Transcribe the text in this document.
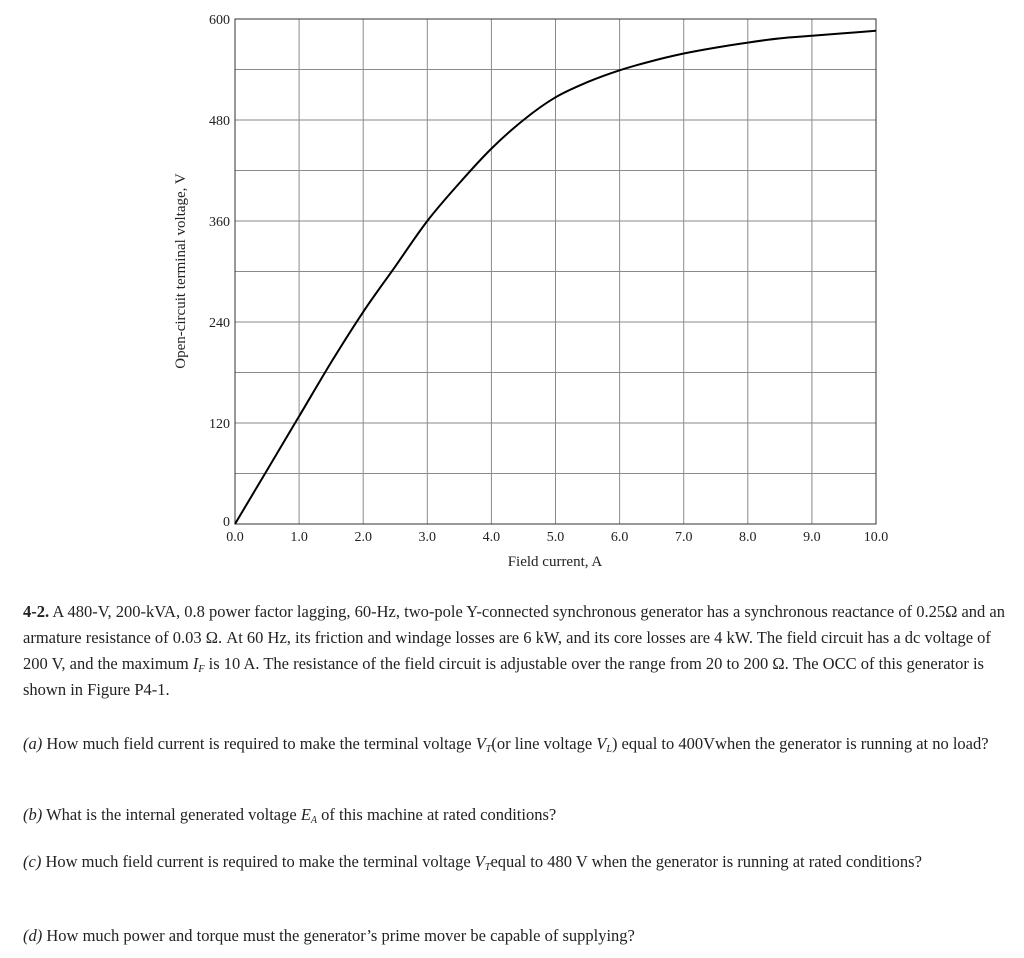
0.0	1.0	2.0	3.0	4.0	5.0	6.0	7.0	8.0	9.0	10.0
0
120
240
360
480
600
Field current, A
Open-circuit terminal voltage, V

4-2. A 480-V, 200-kVA, 0.8 power factor lagging, 60-Hz, two-pole Y-connected synchronous generator has a synchronous reactance of 0.25Ω and an armature resistance of 0.03 Ω. At 60 Hz, its friction and windage losses are 6 kW, and its core losses are 4 kW. The field circuit has a dc voltage of 200 V, and the maximum $I_F$ is 10 A. The resistance of the field circuit is adjustable over the range from 20 to 200 Ω. The OCC of this generator is shown in Figure P4-1.

(a) How much field current is required to make the terminal voltage $V_T(or$ line voltage $V_L$) equal to 400Vwhen the generator is running at no load?

(b) What is the internal generated voltage $E_A$ of this machine at rated conditions?

(c) How much field current is required to make the terminal voltage $V_Tequal$ to 480 V when the generator is running at rated conditions?

(d) How much power and torque must the generator’s prime mover be capable of supplying?
